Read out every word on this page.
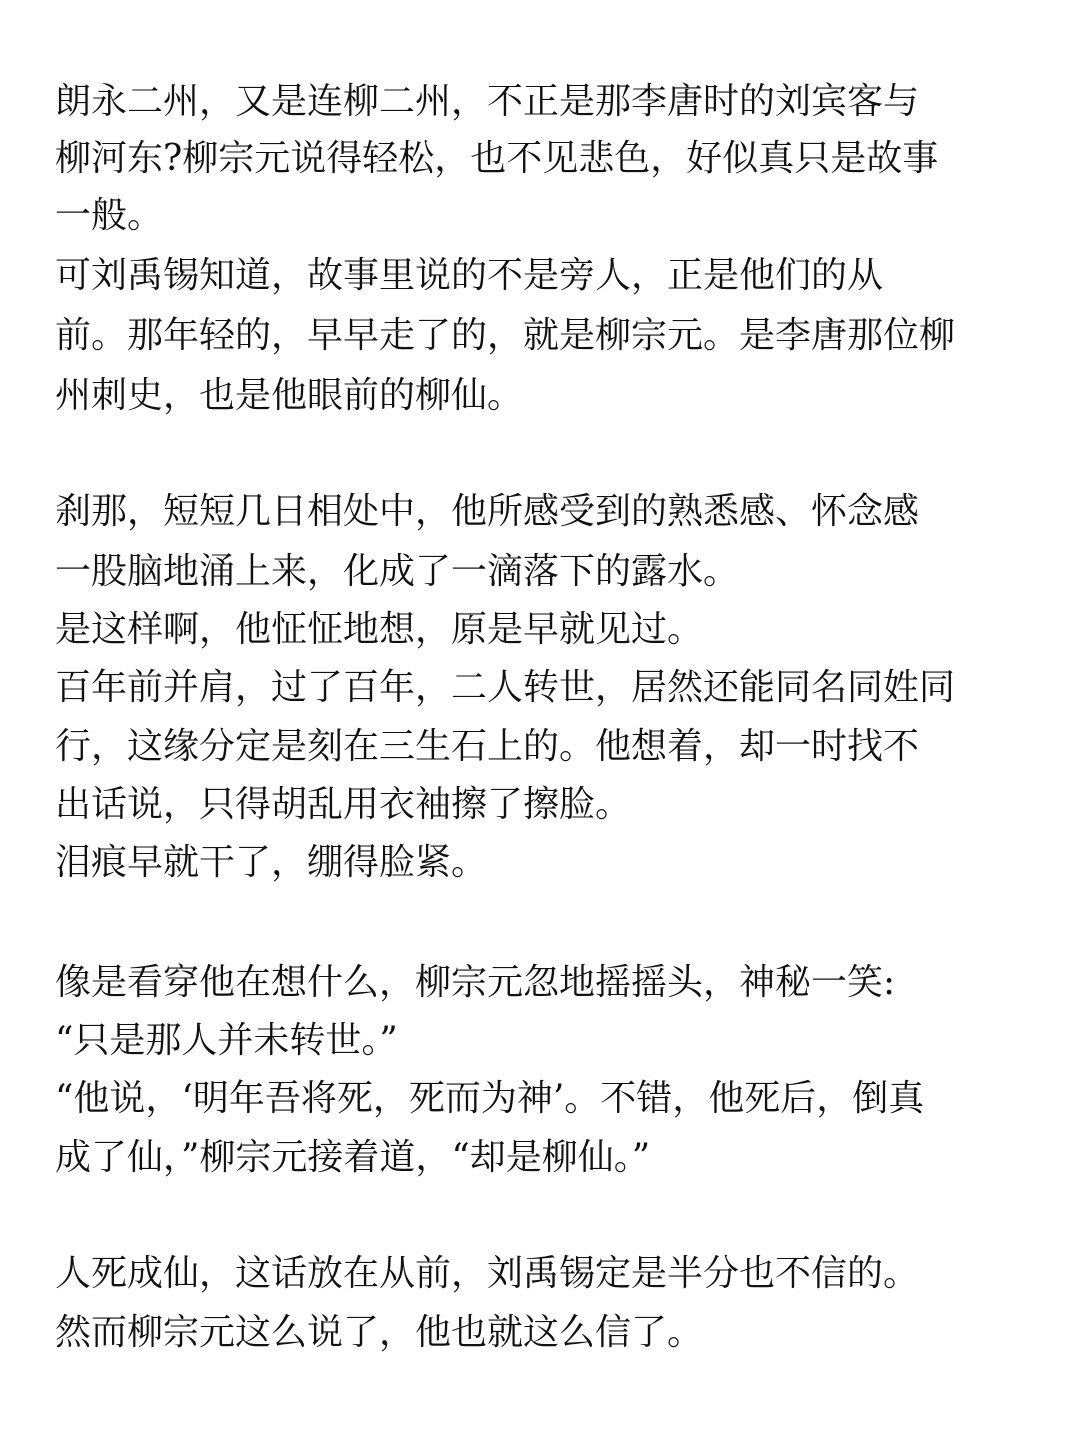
朗永二州，又是连柳二州，不正是那李唐时的刘宾客与
柳河东?柳宗元说得轻松，也不见悲色，好似真只是故事
一般。
可刘禹锡知道，故事里说的不是旁人，正是他们的从
前。那年轻的，早早走了的，就是柳宗元。是李唐那位柳
州刺史，也是他眼前的柳仙。
刹那，短短几日相处中，他所感受到的熟悉感、怀念感
一股脑地涌上来，化成了一滴落下的露水。
是这样啊，他怔怔地想，原是早就见过。
百年前并肩，过了百年，二人转世，居然还能同名同姓同
行，这缘分定是刻在三生石上的。他想着，却一时找不
出话说，只得胡乱用衣袖擦了擦脸。
泪痕早就干了，绷得脸紧。
像是看穿他在想什么，柳宗元忽地摇摇头，神秘一笑:
“只是那人并未转世。”
“他说，‘明年吾将死，死而为神’。不错，他死后，倒真
成了仙，”柳宗元接着道，“却是柳仙。”
人死成仙，这话放在从前，刘禹锡定是半分也不信的。
然而柳宗元这么说了，他也就这么信了。
